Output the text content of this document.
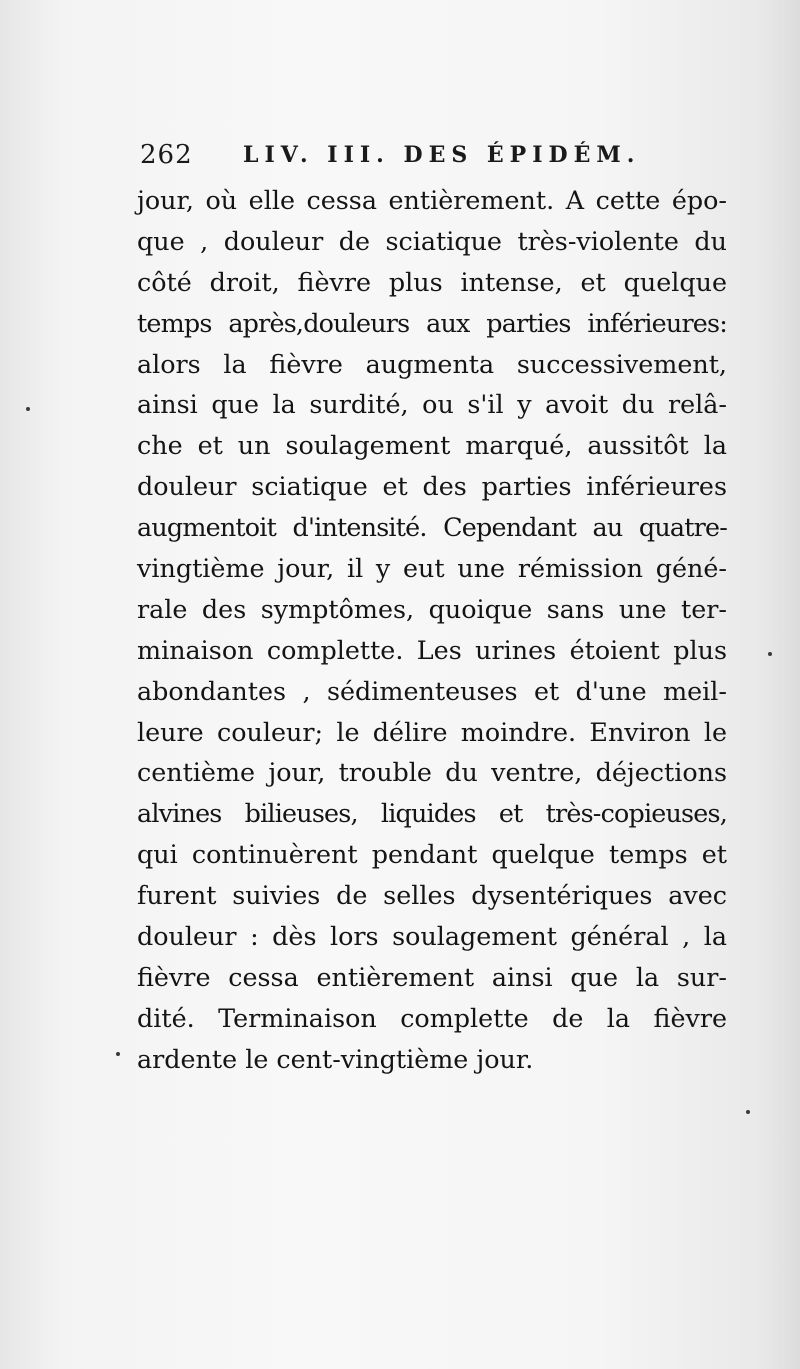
262 LIV. III. DES ÉPIDÉM.
jour, où elle cessa entièrement. A cette épo-
que , douleur de sciatique très-violente du
côté droit, fièvre plus intense, et quelque
temps après,douleurs aux parties inférieures:
alors la fièvre augmenta successivement,
ainsi que la surdité, ou s'il y avoit du relâ-
che et un soulagement marqué, aussitôt la
douleur sciatique et des parties inférieures
augmentoit d'intensité. Cependant au quatre-
vingtième jour, il y eut une rémission géné-
rale des symptômes, quoique sans une ter-
minaison complette. Les urines étoient plus
abondantes , sédimenteuses et d'une meil-
leure couleur; le délire moindre. Environ le
centième jour, trouble du ventre, déjections
alvines bilieuses, liquides et très-copieuses,
qui continuèrent pendant quelque temps et
furent suivies de selles dysentériques avec
douleur : dès lors soulagement général , la
fièvre cessa entièrement ainsi que la sur-
dité. Terminaison complette de la fièvre
ardente le cent-vingtième jour.
